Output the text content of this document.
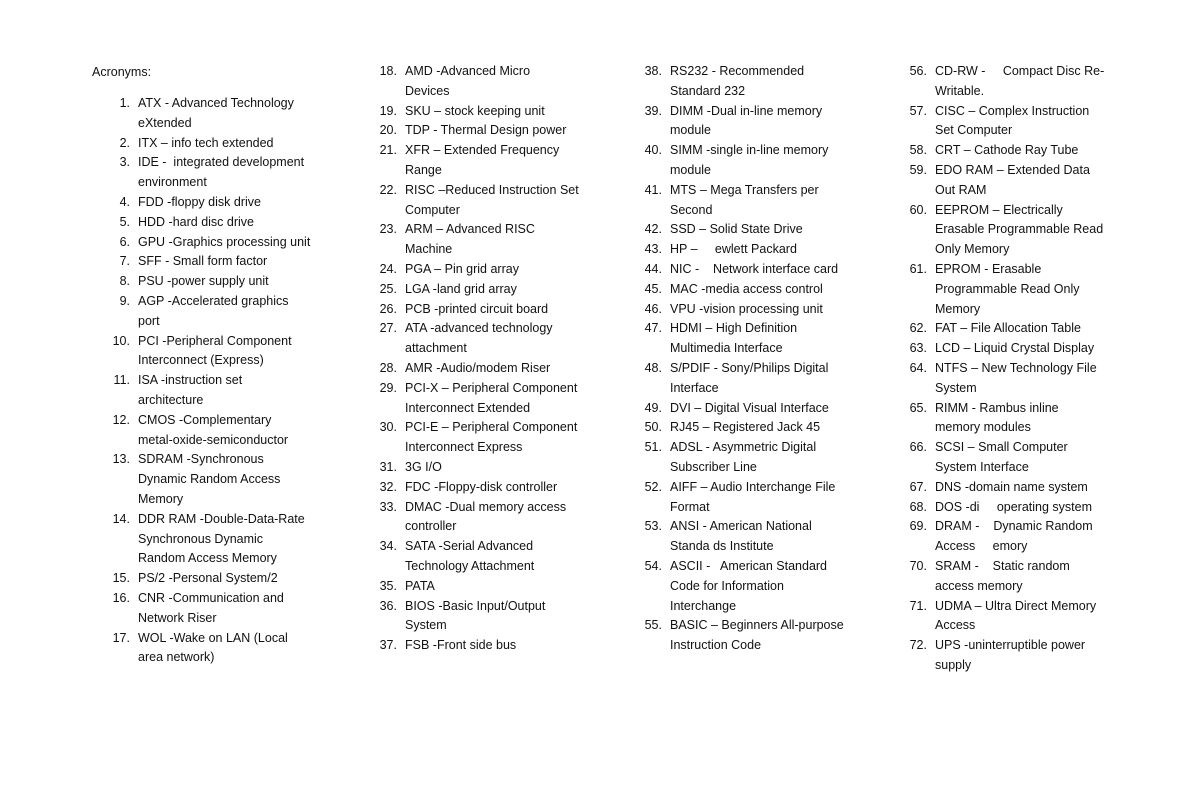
Acronyms:
1. ATX - Advanced Technology
eXtended
2. ITX – info tech extended
3. IDE -  integrated development
environment
4. FDD -floppy disk drive
5. HDD -hard disc drive
6. GPU -Graphics processing unit
7. SFF - Small form factor
8. PSU -power supply unit
9. AGP -Accelerated graphics
port
10. PCI -Peripheral Component
Interconnect (Express)
11. ISA -instruction set
architecture
12. CMOS -Complementary
metal-oxide-semiconductor
13. SDRAM -Synchronous
Dynamic Random Access
Memory
14. DDR RAM -Double-Data-Rate
Synchronous Dynamic
Random Access Memory
15. PS/2 -Personal System/2
16. CNR -Communication and
Network Riser
17. WOL -Wake on LAN (Local
area network)
18. AMD -Advanced Micro
Devices
19. SKU – stock keeping unit
20. TDP - Thermal Design power
21. XFR – Extended Frequency
Range
22. RISC –Reduced Instruction Set
Computer
23. ARM – Advanced RISC
Machine
24. PGA – Pin grid array
25. LGA -land grid array
26. PCB -printed circuit board
27. ATA -advanced technology
attachment
28. AMR -Audio/modem Riser
29. PCI-X – Peripheral Component
Interconnect Extended
30. PCI-E – Peripheral Component
Interconnect Express
31. 3G I/O
32. FDC -Floppy-disk controller
33. DMAC -Dual memory access
controller
34. SATA -Serial Advanced
Technology Attachment
35. PATA
36. BIOS -Basic Input/Output
System
37. FSB -Front side bus
38. RS232 - Recommended
Standard 232
39. DIMM -Dual in-line memory
module
40. SIMM -single in-line memory
module
41. MTS – Mega Transfers per
Second
42. SSD – Solid State Drive
43. HP –     ewlett Packard
44. NIC -    Network interface card
45. MAC -media access control
46. VPU -vision processing unit
47. HDMI – High Definition
Multimedia Interface
48. S/PDIF - Sony/Philips Digital
Interface
49. DVI – Digital Visual Interface
50. RJ45 – Registered Jack 45
51. ADSL - Asymmetric Digital
Subscriber Line
52. AIFF – Audio Interchange File
Format
53. ANSI - American National
Standa ds Institute
54. ASCII -   American Standard
Code for Information
Interchange
55. BASIC – Beginners All-purpose
Instruction Code
56. CD-RW -     Compact Disc Re-
Writable.
57. CISC – Complex Instruction
Set Computer
58. CRT – Cathode Ray Tube
59. EDO RAM – Extended Data
Out RAM
60. EEPROM – Electrically
Erasable Programmable Read
Only Memory
61. EPROM - Erasable
Programmable Read Only
Memory
62. FAT – File Allocation Table
63. LCD – Liquid Crystal Display
64. NTFS – New Technology File
System
65. RIMM - Rambus inline
memory modules
66. SCSI – Small Computer
System Interface
67. DNS -domain name system
68. DOS -di     operating system
69. DRAM -    Dynamic Random
Access     emory
70. SRAM -    Static random
access memory
71. UDMA – Ultra Direct Memory
Access
72. UPS -uninterruptible power
supply
